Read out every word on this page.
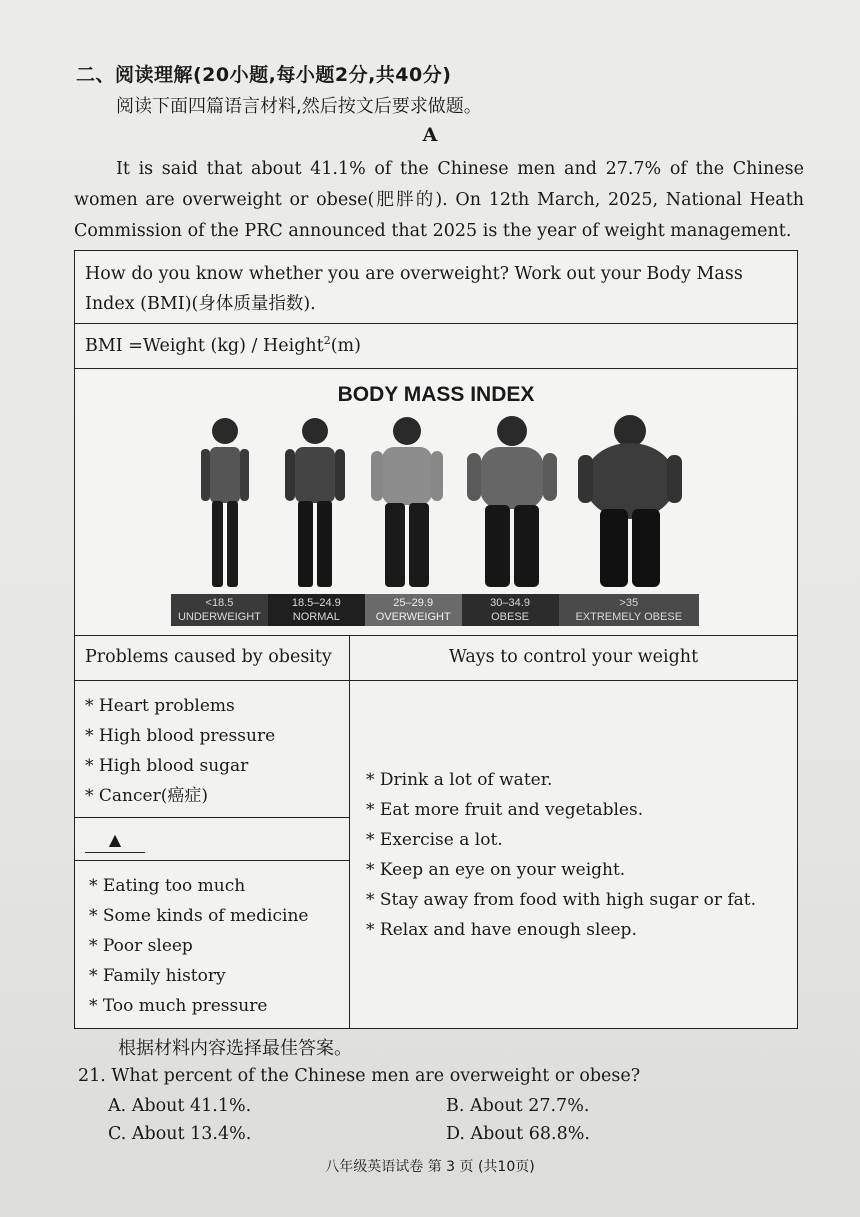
二、阅读理解(20小题,每小题2分,共40分)
阅读下面四篇语言材料,然后按文后要求做题。
A

It is said that about 41.1% of the Chinese men and 27.7% of the Chinese women are overweight or obese(肥胖的). On 12th March, 2025, National Heath Commission of the PRC announced that 2025 is the year of weight management.

How do you know whether you are overweight? Work out your Body Mass Index (BMI)(身体质量指数).
BMI =Weight (kg) / Height$^2$(m)
BODY MASS INDEX
<18.5
UNDERWEIGHT
18.5–24.9
NORMAL
25–29.9
OVERWEIGHT
30–34.9
OBESE
>35
EXTREMELY OBESE
Problems caused by obesity	Ways to control your weight
* Heart problems
* High blood pressure
* High blood sugar
* Cancer(癌症)
▲
* Eating too much
* Some kinds of medicine
* Poor sleep
* Family history
* Too much pressure
* Drink a lot of water.
* Eat more fruit and vegetables.
* Exercise a lot.
* Keep an eye on your weight.
* Stay away from food with high sugar or fat.
* Relax and have enough sleep.
根据材料内容选择最佳答案。
21. What percent of the Chinese men are overweight or obese?
A. About 41.1%.	B. About 27.7%.
C. About 13.4%.	D. About 68.8%.
八年级英语试卷 第 3 页 (共10页)
